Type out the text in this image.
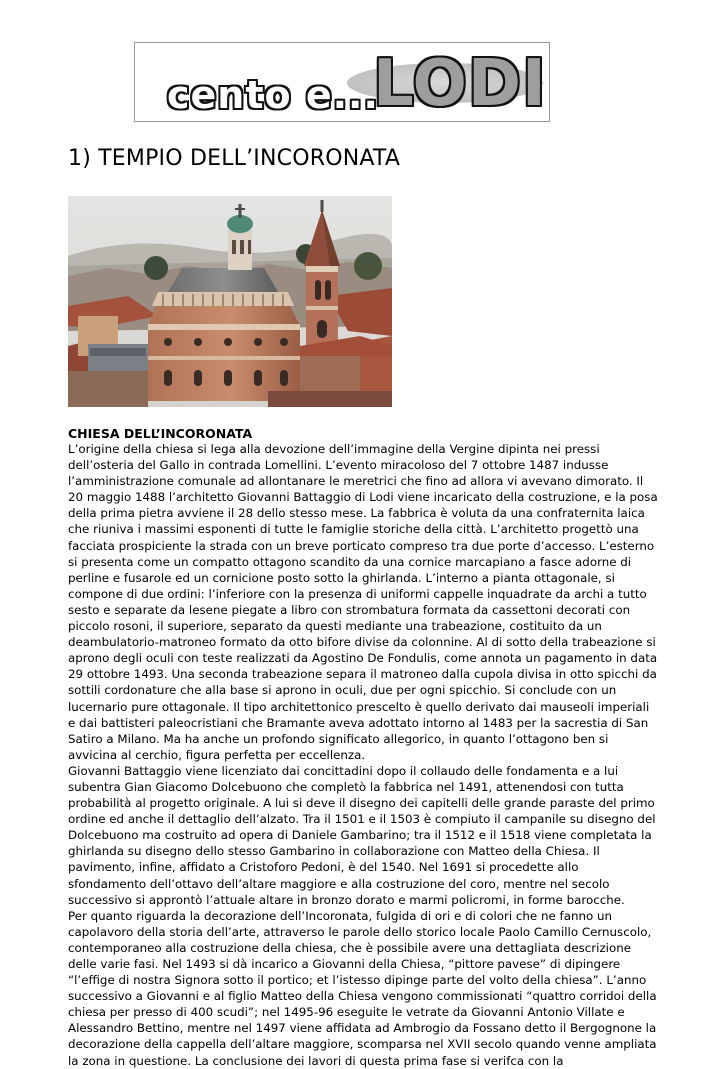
cento e...
LODI
1) TEMPIO DELL’INCORONATA
CHIESA DELL’INCORONATA

L’origine della chiesa si lega alla devozione dell’immagine della Vergine dipinta nei pressi dell’osteria del Gallo in contrada Lomellini. L’evento miracoloso del 7 ottobre 1487 indusse l’amministrazione comunale ad allontanare le meretrici che fino ad allora vi avevano dimorato. Il 20 maggio 1488 l’architetto Giovanni Battaggio di Lodi viene incaricato della costruzione, e la posa della prima pietra avviene il 28 dello stesso mese. La fabbrica è voluta da una confraternita laica che riuniva i massimi esponenti di tutte le famiglie storiche della città. L’architetto progettò una facciata prospiciente la strada con un breve porticato compreso tra due porte d’accesso. L’esterno si presenta come un compatto ottagono scandito da una cornice marcapiano a fasce adorne di perline e fusarole ed un cornicione posto sotto la ghirlanda. L’interno a pianta ottagonale, si compone di due ordini: l’inferiore con la presenza di uniformi cappelle inquadrate da archi a tutto sesto e separate da lesene piegate a libro con strombatura formata da cassettoni decorati con piccolo rosoni, il superiore, separato da questi mediante una trabeazione, costituito da un deambulatorio-matroneo formato da otto bifore divise da colonnine. Al di sotto della trabeazione si aprono degli oculi con teste realizzati da Agostino De Fondulis, come annota un pagamento in data 29 ottobre 1493. Una seconda trabeazione separa il matroneo dalla cupola divisa in otto spicchi da sottili cordonature che alla base si aprono in oculi, due per ogni spicchio. Si conclude con un lucernario pure ottagonale. Il tipo architettonico prescelto è quello derivato dai mauseoli imperiali e dai battisteri paleocristiani che Bramante aveva adottato intorno al 1483 per la sacrestia di San Satiro a Milano. Ma ha anche un profondo significato allegorico, in quanto l’ottagono ben si avvicina al cerchio, figura perfetta per eccellenza.

Giovanni Battaggio viene licenziato dai concittadini dopo il collaudo delle fondamenta e a lui subentra Gian Giacomo Dolcebuono che completò la fabbrica nel 1491, attenendosi con tutta probabilità al progetto originale. A lui si deve il disegno dei capitelli delle grande paraste del primo ordine ed anche il dettaglio dell’alzato. Tra il 1501 e il 1503 è compiuto il campanile su disegno del Dolcebuono ma costruito ad opera di Daniele Gambarino; tra il 1512 e il 1518 viene completata la ghirlanda su disegno dello stesso Gambarino in collaborazione con Matteo della Chiesa. Il pavimento, infine, affidato a Cristoforo Pedoni, è del 1540. Nel 1691 si procedette allo sfondamento dell’ottavo dell’altare maggiore e alla costruzione del coro, mentre nel secolo successivo si approntò l’attuale altare in bronzo dorato e marmi policromi, in forme barocche.

Per quanto riguarda la decorazione dell’Incoronata, fulgida di ori e di colori che ne fanno un capolavoro della storia dell’arte, attraverso le parole dello storico locale Paolo Camillo Cernuscolo, contemporaneo alla costruzione della chiesa, che è possibile avere una dettagliata descrizione delle varie fasi. Nel 1493 si dà incarico a Giovanni della Chiesa, “pittore pavese” di dipingere “l’effige di nostra Signora sotto il portico; et l’istesso dipinge parte del volto della chiesa”. L’anno successivo a Giovanni e al figlio Matteo della Chiesa vengono commissionati “quattro corridoi della chiesa per presso di 400 scudi”; nel 1495-96 eseguite le vetrate da Giovanni Antonio Villate e Alessandro Bettino, mentre nel 1497 viene affidata ad Ambrogio da Fossano detto il Bergognone la decorazione della cappella dell’altare maggiore, scomparsa nel XVII secolo quando venne ampliata la zona in questione. La conclusione dei lavori di questa prima fase si verifca con la
